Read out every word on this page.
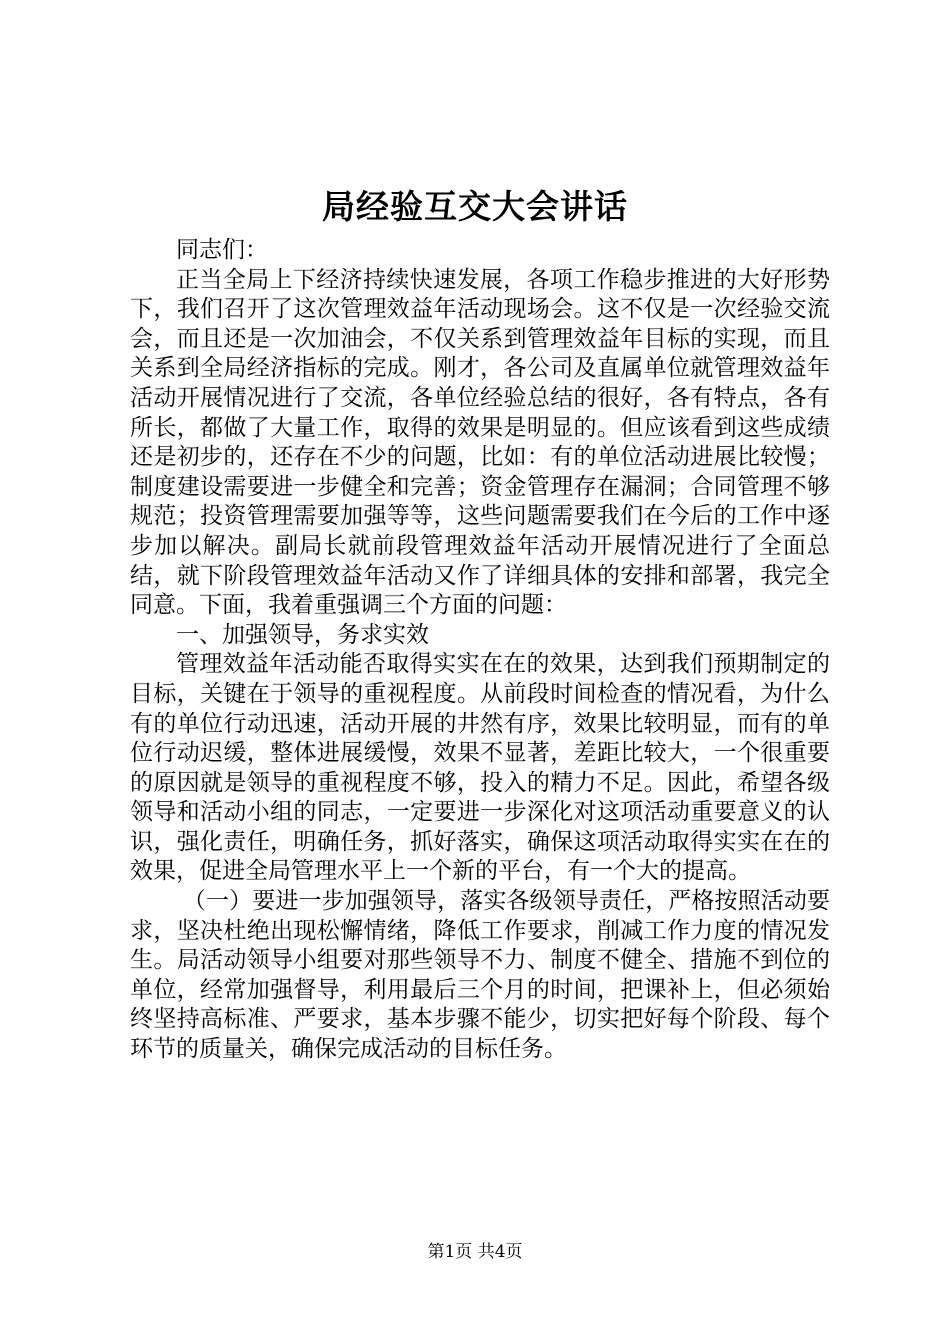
局经验互交大会讲话

同志们：

正当全局上下经济持续快速发展，各项工作稳步推进的大好形势下，我们召开了这次管理效益年活动现场会。这不仅是一次经验交流会，而且还是一次加油会，不仅关系到管理效益年目标的实现，而且关系到全局经济指标的完成。刚才，各公司及直属单位就管理效益年活动开展情况进行了交流，各单位经验总结的很好，各有特点，各有所长，都做了大量工作，取得的效果是明显的。但应该看到这些成绩还是初步的，还存在不少的问题，比如：有的单位活动进展比较慢；制度建设需要进一步健全和完善；资金管理存在漏洞；合同管理不够规范；投资管理需要加强等等，这些问题需要我们在今后的工作中逐步加以解决。副局长就前段管理效益年活动开展情况进行了全面总结，就下阶段管理效益年活动又作了详细具体的安排和部署，我完全同意。下面，我着重强调三个方面的问题：

一、加强领导，务求实效

管理效益年活动能否取得实实在在的效果，达到我们预期制定的目标，关键在于领导的重视程度。从前段时间检查的情况看，为什么有的单位行动迅速，活动开展的井然有序，效果比较明显，而有的单位行动迟缓，整体进展缓慢，效果不显著，差距比较大，一个很重要的原因就是领导的重视程度不够，投入的精力不足。因此，希望各级领导和活动小组的同志，一定要进一步深化对这项活动重要意义的认识，强化责任，明确任务，抓好落实，确保这项活动取得实实在在的效果，促进全局管理水平上一个新的平台，有一个大的提高。

（一）要进一步加强领导，落实各级领导责任，严格按照活动要求，坚决杜绝出现松懈情绪，降低工作要求，削减工作力度的情况发生。局活动领导小组要对那些领导不力、制度不健全、措施不到位的单位，经常加强督导，利用最后三个月的时间，把课补上，但必须始终坚持高标准、严要求，基本步骤不能少，切实把好每个阶段、每个环节的质量关，确保完成活动的目标任务。

第1页 共4页
